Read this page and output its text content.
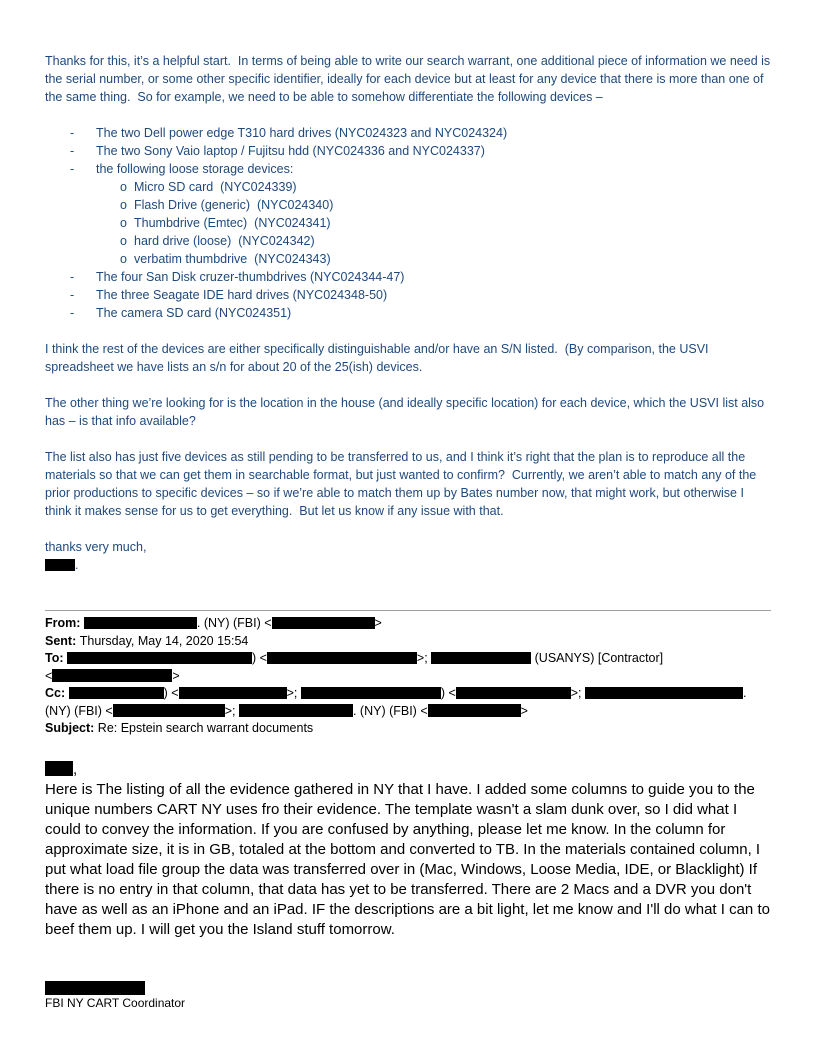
Thanks for this, it’s a helpful start.  In terms of being able to write our search warrant, one additional piece of information we need is the serial number, or some other specific identifier, ideally for each device but at least for any device that there is more than one of the same thing.  So for example, we need to be able to somehow differentiate the following devices –
-	The two Dell power edge T310 hard drives (NYC024323 and NYC024324)
-	The two Sony Vaio laptop / Fujitsu hdd (NYC024336 and NYC024337)
-	the following loose storage devices:
o Micro SD card  (NYC024339)
o Flash Drive (generic)  (NYC024340)
o Thumbdrive (Emtec)  (NYC024341)
o hard drive (loose)  (NYC024342)
o verbatim thumbdrive  (NYC024343)
-	The four San Disk cruzer-thumbdrives (NYC024344-47)
-	The three Seagate IDE hard drives (NYC024348-50)
-	The camera SD card (NYC024351)
I think the rest of the devices are either specifically distinguishable and/or have an S/N listed.  (By comparison, the USVI spreadsheet we have lists an s/n for about 20 of the 25(ish) devices.
The other thing we’re looking for is the location in the house (and ideally specific location) for each device, which the USVI list also has – is that info available?
The list also has just five devices as still pending to be transferred to us, and I think it’s right that the plan is to reproduce all the materials so that we can get them in searchable format, but just wanted to confirm?  Currently, we aren’t able to match any of the prior productions to specific devices – so if we’re able to match them up by Bates number now, that might work, but otherwise I think it makes sense for us to get everything.  But let us know if any issue with that.
thanks very much,
.
From:	. (NY) (FBI) <	>
Sent: Thursday, May 14, 2020 15:54
To:	) <	>;	(USANYS) [Contractor]
<	>
Cc:	) <	>;	) <	>;	.
(NY) (FBI) <	>;	. (NY) (FBI) <	>
Subject: Re: Epstein search warrant documents
,
Here is The listing of all the evidence gathered in NY that I have. I added some columns to guide you to the unique numbers CART NY uses fro their evidence. The template wasn't a slam dunk over, so I did what I could to convey the information. If you are confused by anything, please let me know. In the column for approximate size, it is in GB, totaled at the bottom and converted to TB. In the materials contained column, I put what load file group the data was transferred over in (Mac, Windows, Loose Media, IDE, or Blacklight) If there is no entry in that column, that data has yet to be transferred. There are 2 Macs and a DVR you don't have as well as an iPhone and an iPad. IF the descriptions are a bit light, let me know and I'll do what I can to beef them up. I will get you the Island stuff tomorrow.
FBI NY CART Coordinator
